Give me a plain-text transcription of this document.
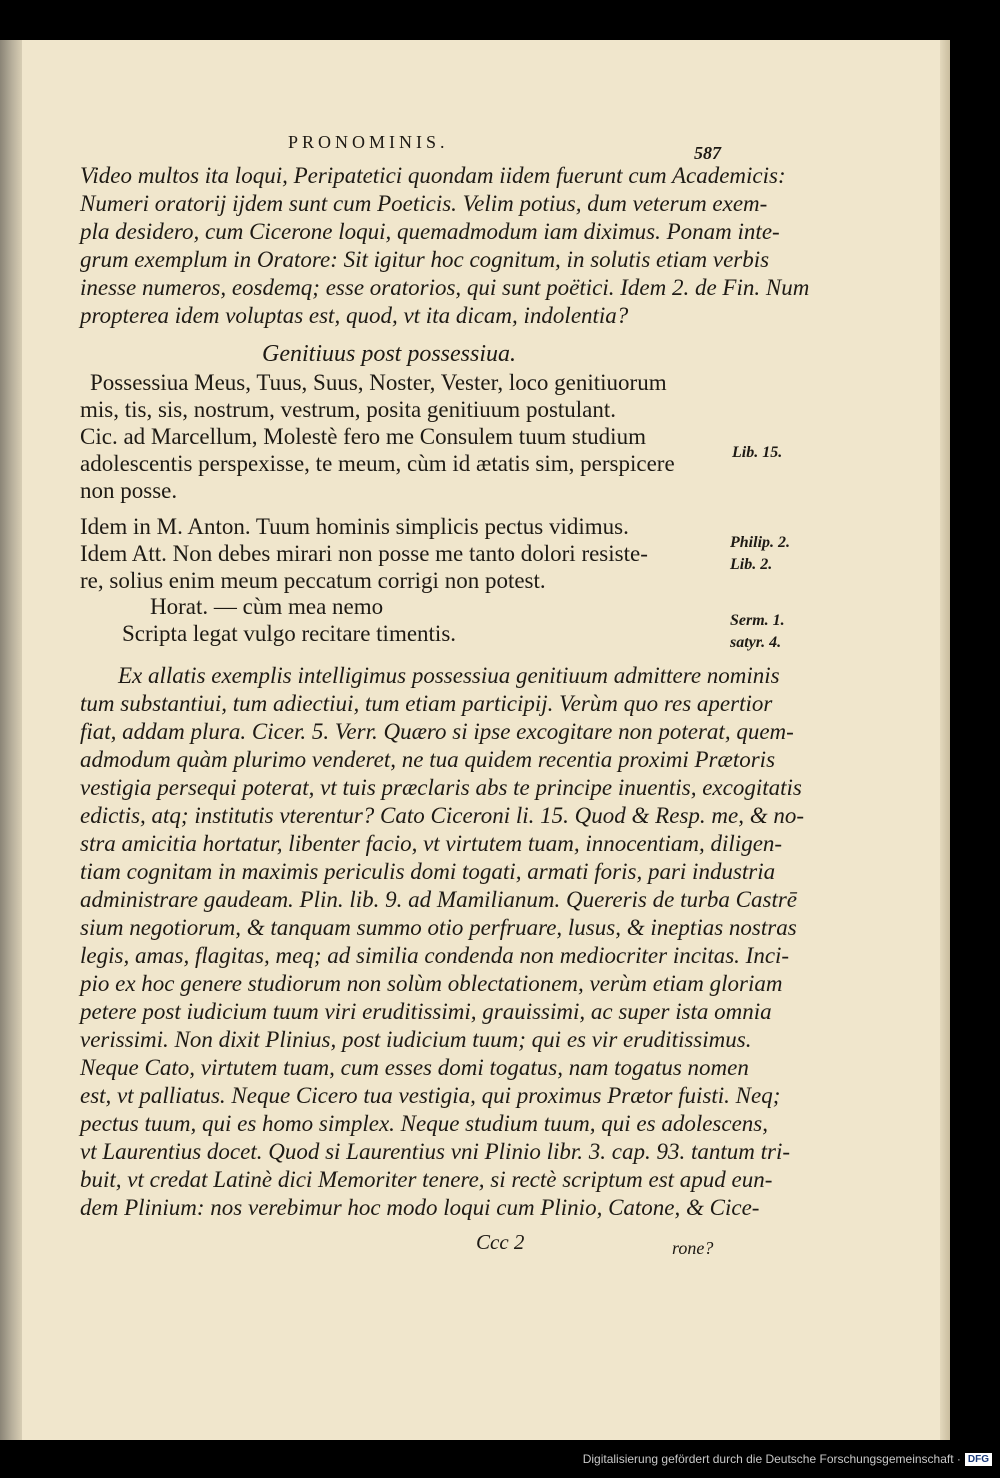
PRONOMINIS.
587
Video multos ita loqui, Peripatetici quondam iidem fuerunt cum Academicis:
Numeri oratorij ijdem sunt cum Poeticis. Velim potius, dum veterum exem-
pla desidero, cum Cicerone loqui, quemadmodum iam diximus. Ponam inte-
grum exemplum in Oratore: Sit igitur hoc cognitum, in solutis etiam verbis
inesse numeros, eosdemq; esse oratorios, qui sunt poëtici. Idem 2. de Fin. Num
propterea idem voluptas est, quod, vt ita dicam, indolentia?
Genitiuus post possessiua.
Possessiua Meus, Tuus, Suus, Noster, Vester, loco genitiuorum
mis, tis, sis, nostrum, vestrum, posita genitiuum postulant.
Cic. ad Marcellum, Molestè fero me Consulem tuum studium
adolescentis perspexisse, te meum, cùm id ætatis sim, perspicere
non posse.
Idem in M. Anton. Tuum hominis simplicis pectus vidimus.
Idem Att. Non debes mirari non posse me tanto dolori resiste-
re, solius enim meum peccatum corrigi non potest.
Horat. — cùm mea nemo
Scripta legat vulgo recitare timentis.
Ex allatis exemplis intelligimus possessiua genitiuum admittere nominis
tum substantiui, tum adiectiui, tum etiam participij. Verùm quo res apertior
fiat, addam plura. Cicer. 5. Verr. Quæro si ipse excogitare non poterat, quem-
admodum quàm plurimo venderet, ne tua quidem recentia proximi Prætoris
vestigia persequi poterat, vt tuis præclaris abs te principe inuentis, excogitatis
edictis, atq; institutis vterentur? Cato Ciceroni li. 15. Quod & Resp. me, & no-
stra amicitia hortatur, libenter facio, vt virtutem tuam, innocentiam, diligen-
tiam cognitam in maximis periculis domi togati, armati foris, pari industria
administrare gaudeam. Plin. lib. 9. ad Mamilianum. Quereris de turba Castrē
sium negotiorum, & tanquam summo otio perfruare, lusus, & ineptias nostras
legis, amas, flagitas, meq; ad similia condenda non mediocriter incitas. Inci-
pio ex hoc genere studiorum non solùm oblectationem, verùm etiam gloriam
petere post iudicium tuum viri eruditissimi, grauissimi, ac super ista omnia
verissimi. Non dixit Plinius, post iudicium tuum; qui es vir eruditissimus.
Neque Cato, virtutem tuam, cum esses domi togatus, nam togatus nomen
est, vt palliatus. Neque Cicero tua vestigia, qui proximus Prætor fuisti. Neq;
pectus tuum, qui es homo simplex. Neque studium tuum, qui es adolescens,
vt Laurentius docet. Quod si Laurentius vni Plinio libr. 3. cap. 93. tantum tri-
buit, vt credat Latinè dici Memoriter tenere, si rectè scriptum est apud eun-
dem Plinium: nos verebimur hoc modo loqui cum Plinio, Catone, & Cice-
Ccc 2	rone?
Lib. 15.
Philip. 2.
Lib. 2.
Serm. 1.
satyr. 4.
Digitalisierung gefördert durch die Deutsche Forschungsgemeinschaft · DFG
